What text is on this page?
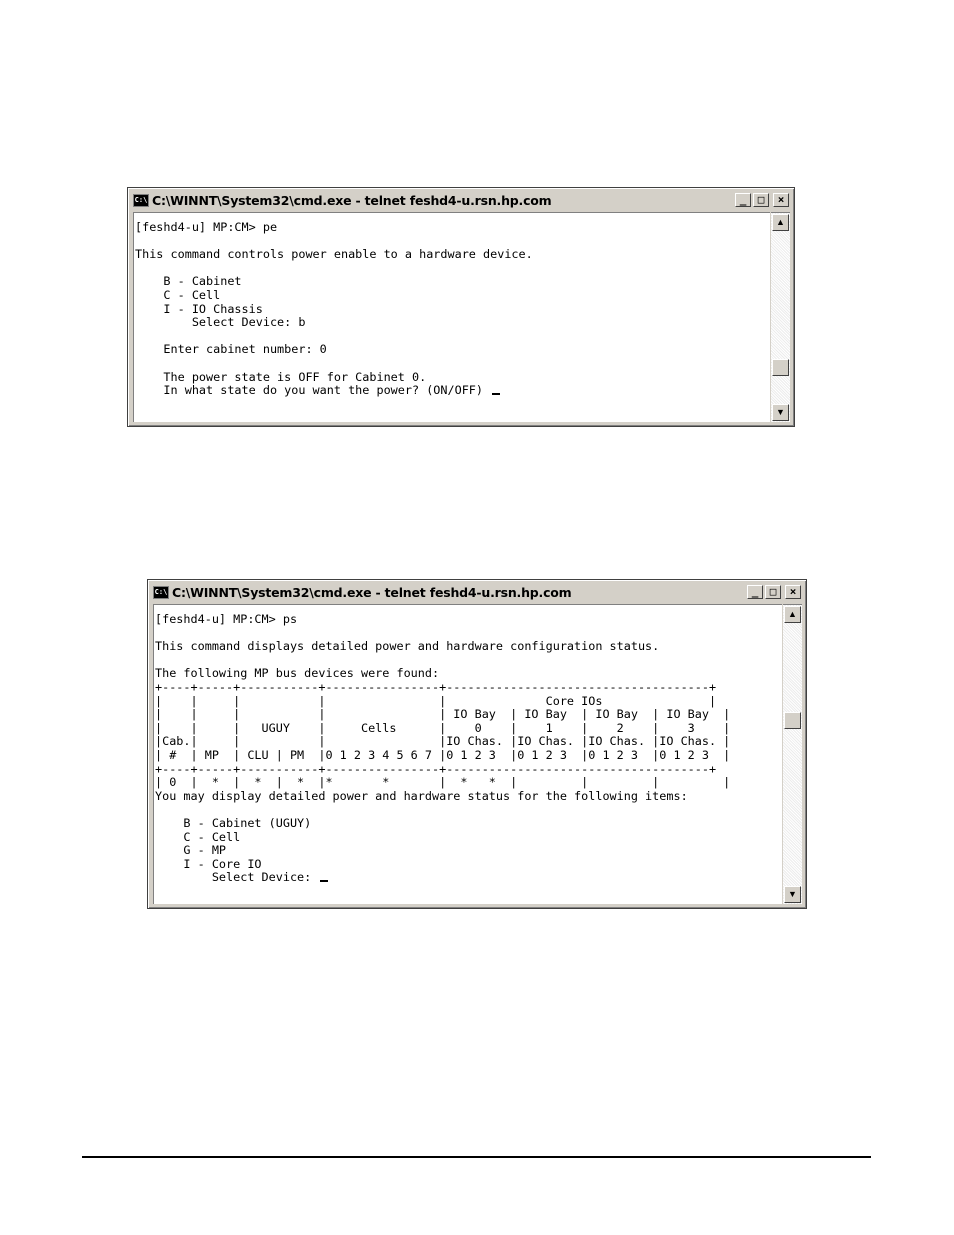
C:\ C:\WINNT\System32\cmd.exe - telnet feshd4-u.rsn.hp.com	_	□	×
[feshd4-u] MP:CM> pe

This command controls power enable to a hardware device.

B - Cabinet
C - Cell
I - IO Chassis
Select Device: b

Enter cabinet number: 0

The power state is OFF for Cabinet 0.
In what state do you want the power? (ON/OFF)
▲
▼
C:\ C:\WINNT\System32\cmd.exe - telnet feshd4-u.rsn.hp.com	_	□	×
[feshd4-u] MP:CM> ps

This command displays detailed power and hardware configuration status.

The following MP bus devices were found:
+----+-----+-----------+----------------+-------------------------------------+
|    |     |           |                |              Core IOs               |
|    |     |           |                | IO Bay  | IO Bay  | IO Bay  | IO Bay  |
|    |     |   UGUY    |     Cells      |    0    |    1    |    2    |    3    |
|Cab.|     |           |                |IO Chas. |IO Chas. |IO Chas. |IO Chas. |
| #  | MP  | CLU | PM  |0 1 2 3 4 5 6 7 |0 1 2 3  |0 1 2 3  |0 1 2 3  |0 1 2 3  |
+----+-----+-----------+----------------+-------------------------------------+
| 0  |  *  |  *  |  *  |*       *       |  *   *  |         |         |         |
You may display detailed power and hardware status for the following items:

B - Cabinet (UGUY)
C - Cell
G - MP
I - Core IO
Select Device:
▲
▼
